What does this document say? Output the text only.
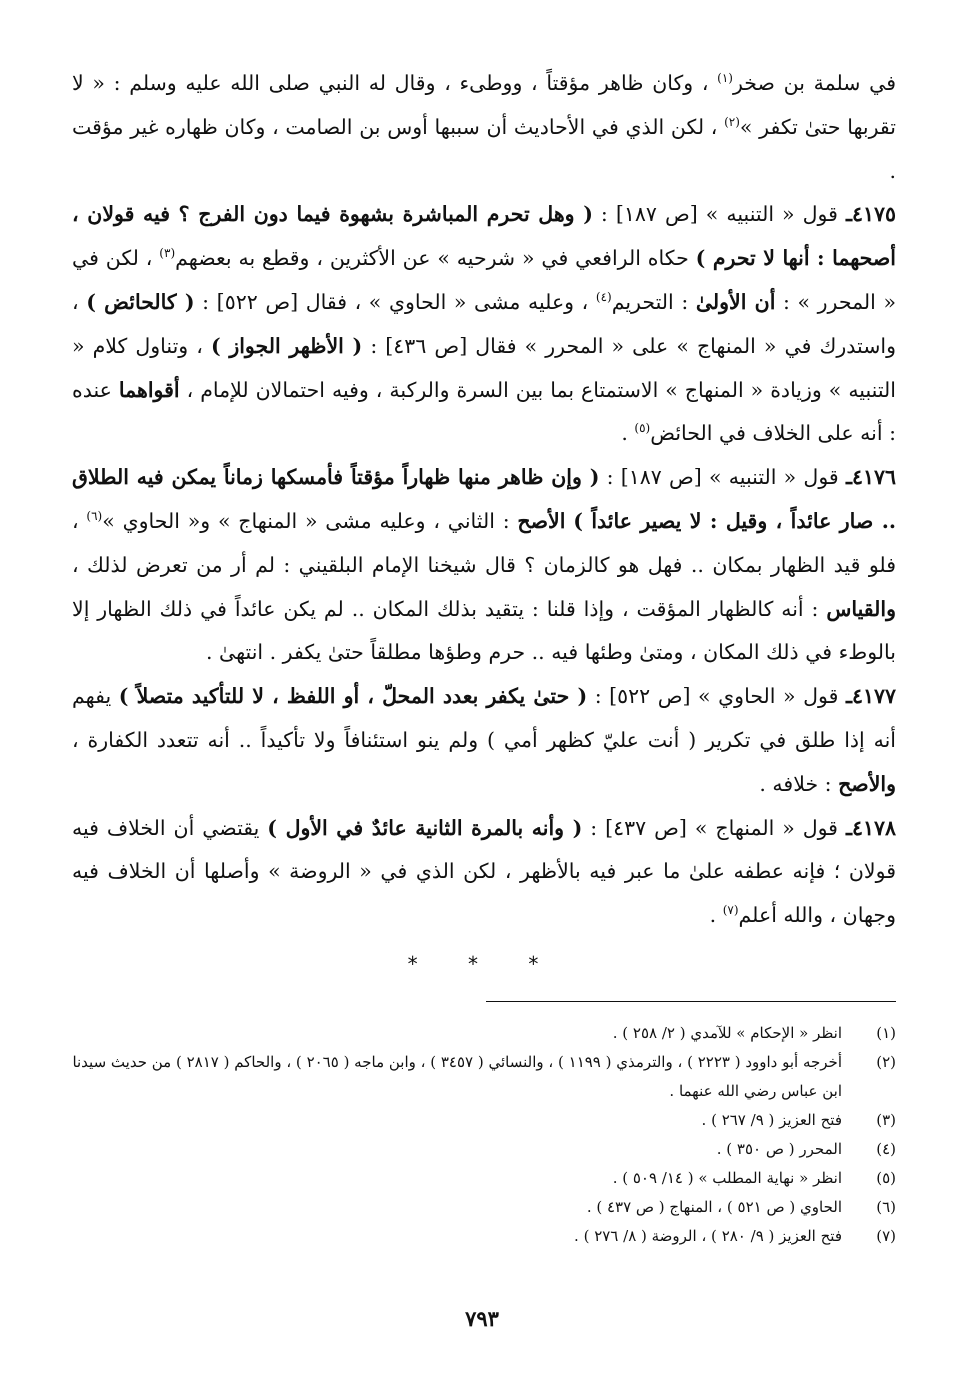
في سلمة بن صخر$^{(١)}$ ، وكان ظاهر مؤقتاً ، ووطىء ، وقال له النبي صلى الله عليه وسلم : « لا تقربها حتىٰ تكفر »$^{(٢)}$ ، لكن الذي في الأحاديث أن سببها أوس بن الصامت ، وكان ظهاره غير مؤقت .

٤١٧٥ـ قول « التنبيه » [ص ١٨٧] : ( وهل تحرم المباشرة بشهوة فيما دون الفرج ؟ فيه قولان ، أصحهما : أنها لا تحرم ) حكاه الرافعي في « شرحيه » عن الأكثرين ، وقطع به بعضهم$^{(٣)}$ ، لكن في « المحرر » : أن الأولىٰ : التحريم$^{(٤)}$ ، وعليه مشى « الحاوي » ، فقال [ص ٥٢٢] : ( كالحائض ) ، واستدرك في « المنهاج » على « المحرر » فقال [ص ٤٣٦] : ( الأظهر الجواز ) ، وتناول كلام « التنبيه » وزيادة « المنهاج » الاستمتاع بما بين السرة والركبة ، وفيه احتمالان للإمام ، أقواهما عنده : أنه على الخلاف في الحائض$^{(٥)}$ .

٤١٧٦ـ قول « التنبيه » [ص ١٨٧] : ( وإن ظاهر منها ظهاراً مؤقتاً فأمسكها زماناً يمكن فيه الطلاق .. صار عائداً ، وقيل : لا يصير عائداً ) الأصح : الثاني ، وعليه مشى « المنهاج » و« الحاوي »$^{(٦)}$ ، فلو قيد الظهار بمكان .. فهل هو كالزمان ؟ قال شيخنا الإمام البلقيني : لم أر من تعرض لذلك ، والقياس : أنه كالظهار المؤقت ، وإذا قلنا : يتقيد بذلك المكان .. لم يكن عائداً في ذلك الظهار إلا بالوطء في ذلك المكان ، ومتىٰ وطئها فيه .. حرم وطؤها مطلقاً حتىٰ يكفر . انتهىٰ .

٤١٧٧ـ قول « الحاوي » [ص ٥٢٢] : ( حتىٰ يكفر بعدد المحلّ ، أو اللفظ ، لا للتأكيد متصلاً ) يفهم أنه إذا طلق في تكرير ( أنت عليّ كظهر أمي ) ولم ينو استئنافاً ولا تأكيداً .. أنه تتعدد الكفارة ، والأصح : خلافه .

٤١٧٨ـ قول « المنهاج » [ص ٤٣٧] : ( وأنه بالمرة الثانية عائدٌ في الأول ) يقتضي أن الخلاف فيه قولان ؛ فإنه عطفه علىٰ ما عبر فيه بالأظهر ، لكن الذي في « الروضة » وأصلها أن الخلاف فيه وجهان ، والله أعلم$^{(٧)}$ .

* * *
(١)
انظر « الإحكام » للآمدي ( ٢/ ٢٥٨ ) .
(٢)
أخرجه أبو داوود ( ٢٢٢٣ ) ، والترمذي ( ١١٩٩ ) ، والنسائي ( ٣٤٥٧ ) ، وابن ماجه ( ٢٠٦٥ ) ، والحاكم ( ٢٨١٧ ) من حديث سيدنا ابن عباس رضي الله عنهما .
(٣)
فتح العزيز ( ٩/ ٢٦٧ ) .
(٤)
المحرر ( ص ٣٥٠ ) .
(٥)
انظر « نهاية المطلب » ( ١٤/ ٥٠٩ ) .
(٦)
الحاوي ( ص ٥٢١ ) ، المنهاج ( ص ٤٣٧ ) .
(٧)
فتح العزيز ( ٩/ ٢٨٠ ) ، الروضة ( ٨/ ٢٧٦ ) .
٧٩٣
